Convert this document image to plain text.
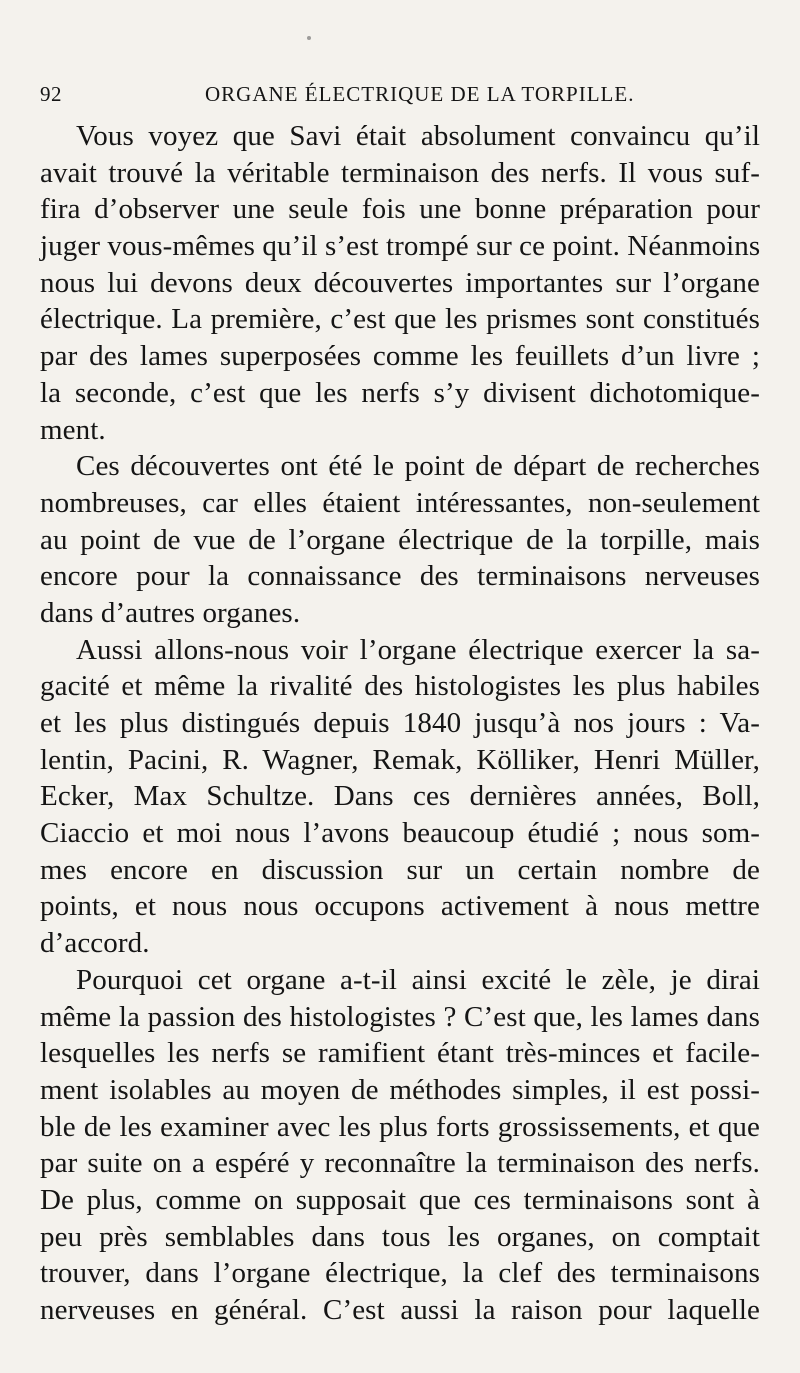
92	ORGANE ÉLECTRIQUE DE LA TORPILLE.
Vous voyez que Savi était absolument convaincu qu’il
avait trouvé la véritable terminaison des nerfs. Il vous suf-
fira d’observer une seule fois une bonne préparation pour
juger vous-mêmes qu’il s’est trompé sur ce point. Néanmoins
nous lui devons deux découvertes importantes sur l’organe
électrique. La première, c’est que les prismes sont constitués
par des lames superposées comme les feuillets d’un livre ;
la seconde, c’est que les nerfs s’y divisent dichotomique-
ment.
Ces découvertes ont été le point de départ de recherches
nombreuses, car elles étaient intéressantes, non-seulement
au point de vue de l’organe électrique de la torpille, mais
encore pour la connaissance des terminaisons nerveuses
dans d’autres organes.
Aussi allons-nous voir l’organe électrique exercer la sa-
gacité et même la rivalité des histologistes les plus habiles
et les plus distingués depuis 1840 jusqu’à nos jours : Va-
lentin, Pacini, R. Wagner, Remak, Kölliker, Henri Müller,
Ecker, Max Schultze. Dans ces dernières années, Boll,
Ciaccio et moi nous l’avons beaucoup étudié ; nous som-
mes encore en discussion sur un certain nombre de
points, et nous nous occupons activement à nous mettre
d’accord.
Pourquoi cet organe a-t-il ainsi excité le zèle, je dirai
même la passion des histologistes ? C’est que, les lames dans
lesquelles les nerfs se ramifient étant très-minces et facile-
ment isolables au moyen de méthodes simples, il est possi-
ble de les examiner avec les plus forts grossissements, et que
par suite on a espéré y reconnaître la terminaison des nerfs.
De plus, comme on supposait que ces terminaisons sont à
peu près semblables dans tous les organes, on comptait
trouver, dans l’organe électrique, la clef des terminaisons
nerveuses en général. C’est aussi la raison pour laquelle
